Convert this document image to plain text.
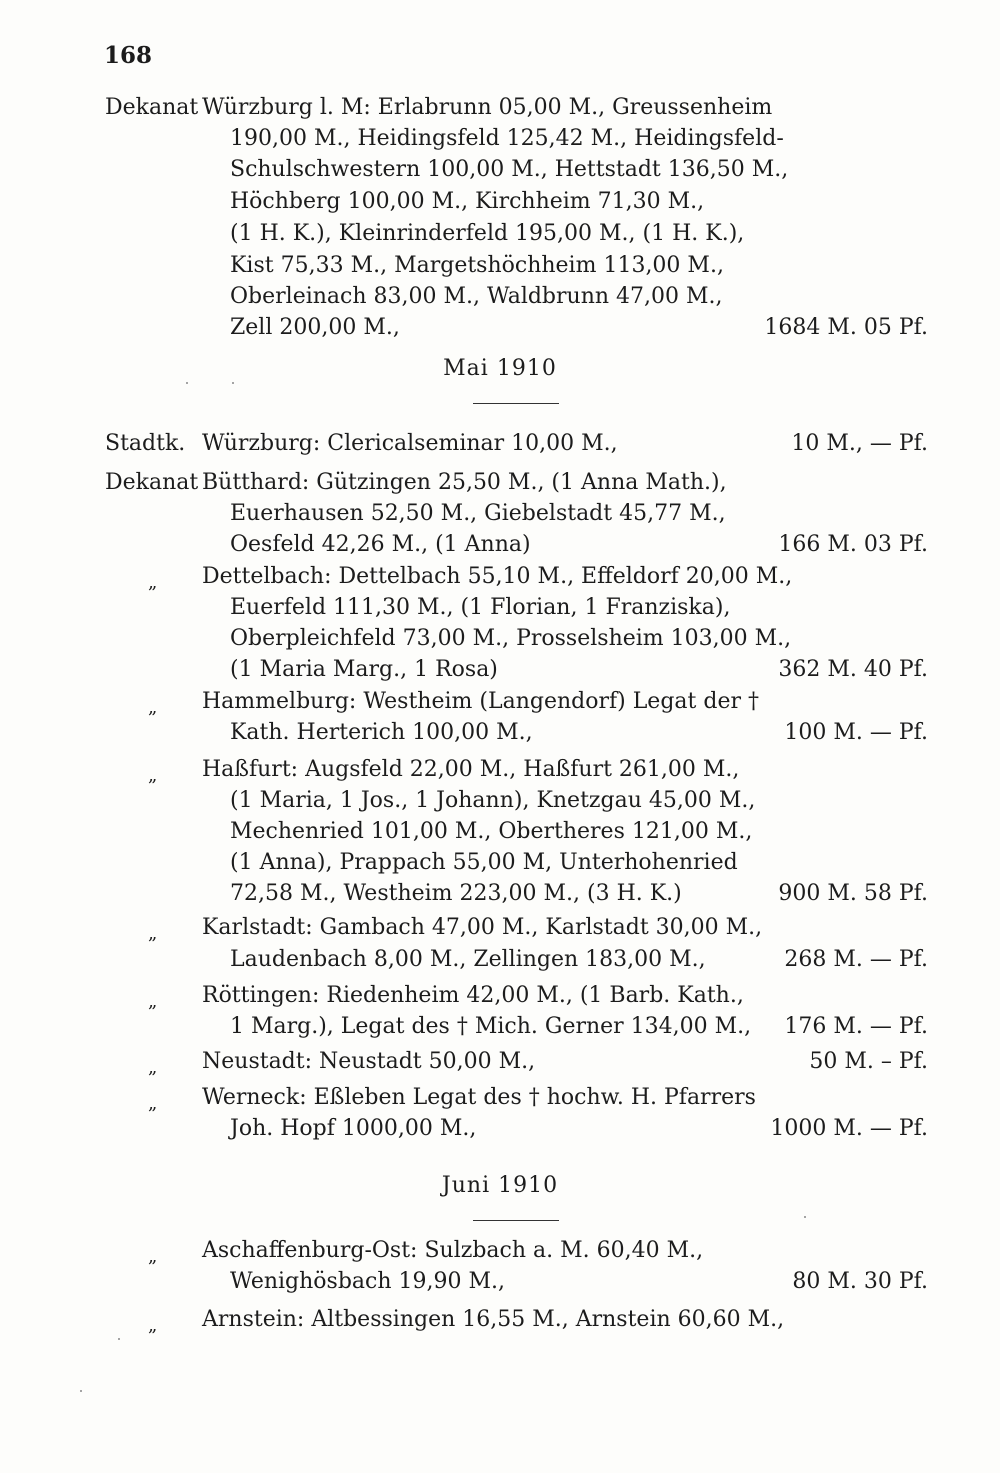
168

Dekanat Würzburg l. M: Erlabrunn 05,00 M., Greussenheim
190,00 M., Heidingsfeld 125,42 M., Heidingsfeld-
Schulschwestern 100,00 M., Hettstadt 136,50 M.,
Höchberg 100,00 M., Kirchheim 71,30 M.,
(1 H. K.), Kleinrinderfeld 195,00 M., (1 H. K.),
Kist 75,33 M., Margetshöchheim 113,00 M.,
Oberleinach 83,00 M., Waldbrunn 47,00 M.,
Zell 200,00 M.,	1684 M. 05 Pf.
Mai 1910
Stadtk. Würzburg: Clericalseminar 10,00 M.,	10 M., — Pf.
Dekanat Bütthard: Gützingen 25,50 M., (1 Anna Math.),
Euerhausen 52,50 M., Giebelstadt 45,77 M.,
Oesfeld 42,26 M., (1 Anna)	166 M. 03 Pf.
„ Dettelbach: Dettelbach 55,10 M., Effeldorf 20,00 M.,
Euerfeld 111,30 M., (1 Florian, 1 Franziska),
Oberpleichfeld 73,00 M., Prosselsheim 103,00 M.,
(1 Maria Marg., 1 Rosa)	362 M. 40 Pf.
„ Hammelburg: Westheim (Langendorf) Legat der †
Kath. Herterich 100,00 M.,	100 M. — Pf.
„ Haßfurt: Augsfeld 22,00 M., Haßfurt 261,00 M.,
(1 Maria, 1 Jos., 1 Johann), Knetzgau 45,00 M.,
Mechenried 101,00 M., Obertheres 121,00 M.,
(1 Anna), Prappach 55,00 M, Unterhohenried
72,58 M., Westheim 223,00 M., (3 H. K.)	900 M. 58 Pf.
„ Karlstadt: Gambach 47,00 M., Karlstadt 30,00 M.,
Laudenbach 8,00 M., Zellingen 183,00 M.,	268 M. — Pf.
„ Röttingen: Riedenheim 42,00 M., (1 Barb. Kath.,
1 Marg.), Legat des † Mich. Gerner 134,00 M., 176 M. — Pf.
„ Neustadt: Neustadt 50,00 M.,	50 M. – Pf.
„ Werneck: Eßleben Legat des † hochw. H. Pfarrers
Joh. Hopf 1000,00 M.,	1000 M. — Pf.
Juni 1910
„ Aschaffenburg-Ost: Sulzbach a. M. 60,40 M.,
Wenighösbach 19,90 M.,	80 M. 30 Pf.
„ Arnstein: Altbessingen 16,55 M., Arnstein 60,60 M.,
